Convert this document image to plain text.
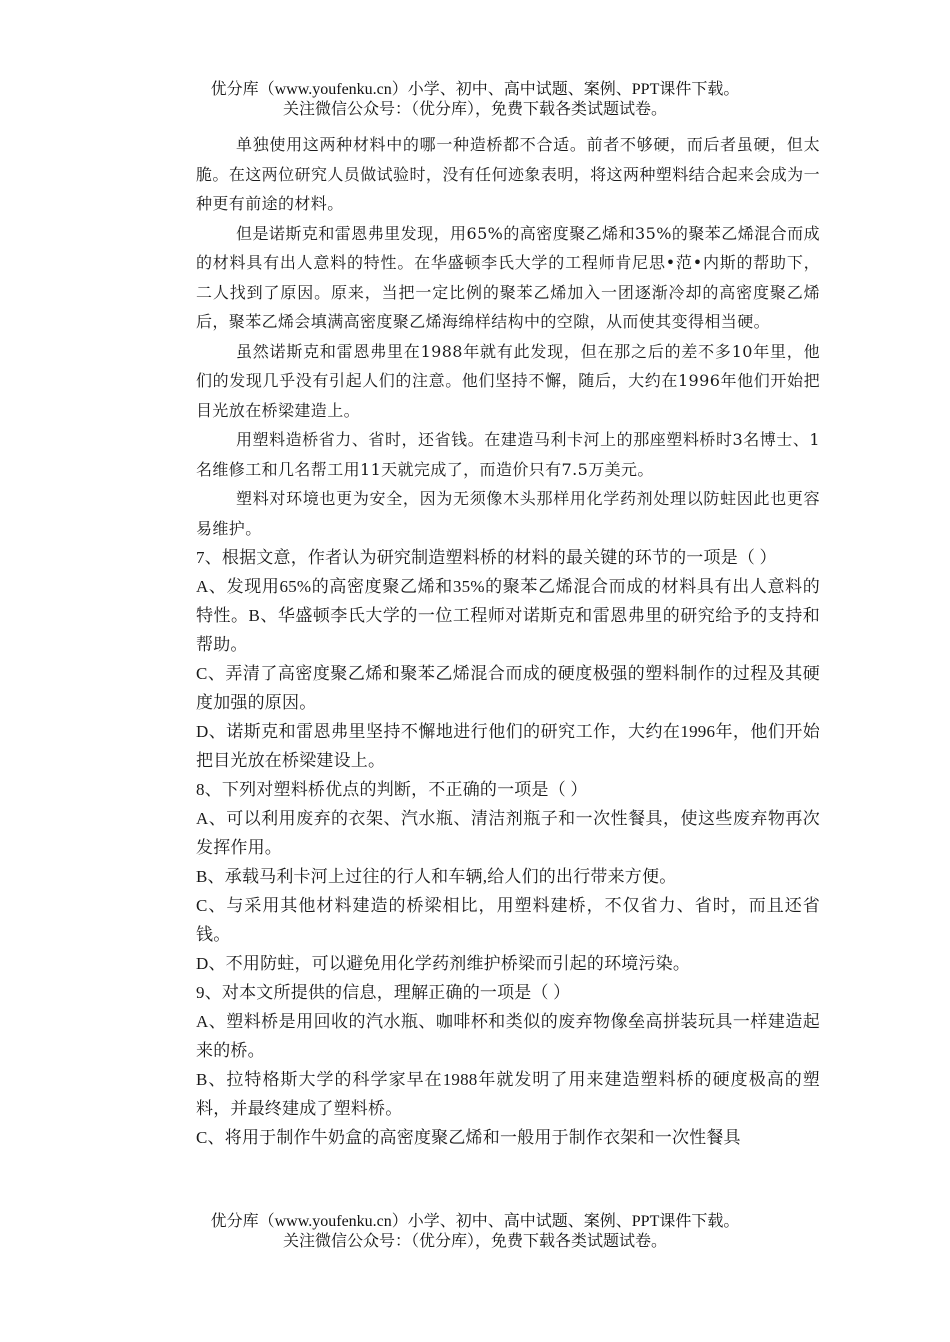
优分库（www.youfenku.cn）小学、初中、高中试题、案例、PPT课件下载。
关注微信公众号：（优分库），免费下载各类试题试卷。

单独使用这两种材料中的哪一种造桥都不合适。前者不够硬，而后者虽硬，但太脆。在这两位研究人员做试验时，没有任何迹象表明，将这两种塑料结合起来会成为一种更有前途的材料。

但是诺斯克和雷恩弗里发现，用65%的高密度聚乙烯和35%的聚苯乙烯混合而成的材料具有出人意料的特性。在华盛顿李氏大学的工程师肯尼思•范•内斯的帮助下，二人找到了原因。原来，当把一定比例的聚苯乙烯加入一团逐渐冷却的高密度聚乙烯后，聚苯乙烯会填满高密度聚乙烯海绵样结构中的空隙，从而使其变得相当硬。

虽然诺斯克和雷恩弗里在1988年就有此发现，但在那之后的差不多10年里，他们的发现几乎没有引起人们的注意。他们坚持不懈，随后，大约在1996年他们开始把目光放在桥梁建造上。

用塑料造桥省力、省时，还省钱。在建造马利卡河上的那座塑料桥时3名博士、1名维修工和几名帮工用11天就完成了，而造价只有7.5万美元。

塑料对环境也更为安全，因为无须像木头那样用化学药剂处理以防蛀因此也更容易维护。

7、根据文意，作者认为研究制造塑料桥的材料的最关键的环节的一项是（ ）

A、发现用65%的高密度聚乙烯和35%的聚苯乙烯混合而成的材料具有出人意料的特性。B、华盛顿李氏大学的一位工程师对诺斯克和雷恩弗里的研究给予的支持和帮助。

C、弄清了高密度聚乙烯和聚苯乙烯混合而成的硬度极强的塑料制作的过程及其硬度加强的原因。

D、诺斯克和雷恩弗里坚持不懈地进行他们的研究工作，大约在1996年，他们开始把目光放在桥梁建设上。

8、下列对塑料桥优点的判断，不正确的一项是（ ）

A、可以利用废弃的衣架、汽水瓶、清洁剂瓶子和一次性餐具，使这些废弃物再次发挥作用。

B、承载马利卡河上过往的行人和车辆,给人们的出行带来方便。

C、与采用其他材料建造的桥梁相比，用塑料建桥，不仅省力、省时，而且还省钱。

D、不用防蛀，可以避免用化学药剂维护桥梁而引起的环境污染。

9、对本文所提供的信息，理解正确的一项是（ ）

A、塑料桥是用回收的汽水瓶、咖啡杯和类似的废弃物像垒高拼装玩具一样建造起来的桥。

B、拉特格斯大学的科学家早在1988年就发明了用来建造塑料桥的硬度极高的塑料，并最终建成了塑料桥。

C、将用于制作牛奶盒的高密度聚乙烯和一般用于制作衣架和一次性餐具

优分库（www.youfenku.cn）小学、初中、高中试题、案例、PPT课件下载。
关注微信公众号：（优分库），免费下载各类试题试卷。
